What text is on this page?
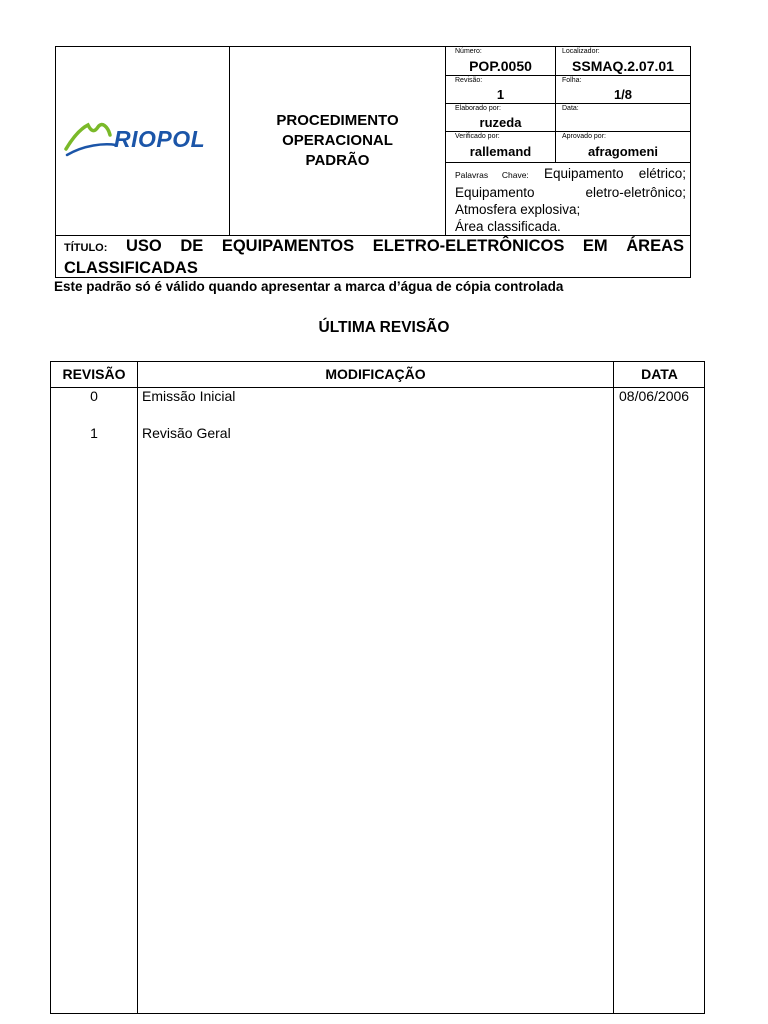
RIOPOL
PROCEDIMENTO
OPERACIONAL
PADRÃO
Número:
POP.0050
Localizador:
SSMAQ.2.07.01
Revisão:
1
Folha:
1/8
Elaborado por:
ruzeda
Data:
Verificado por:
rallemand
Aprovado por:
afragomeni
Palavras Chave: Equipamento elétrico;
Equipamento eletro-eletrônico;
Atmosfera explosiva;
Área classificada.
TÍTULO: USO DE EQUIPAMENTOS ELETRO-ELETRÔNICOS EM ÁREAS
CLASSIFICADAS
Este padrão só é válido quando apresentar a marca d’água de cópia controlada
ÚLTIMA REVISÃO
REVISÃO	MODIFICAÇÃO	DATA
0	Emissão Inicial	08/06/2006
1	Revisão Geral
